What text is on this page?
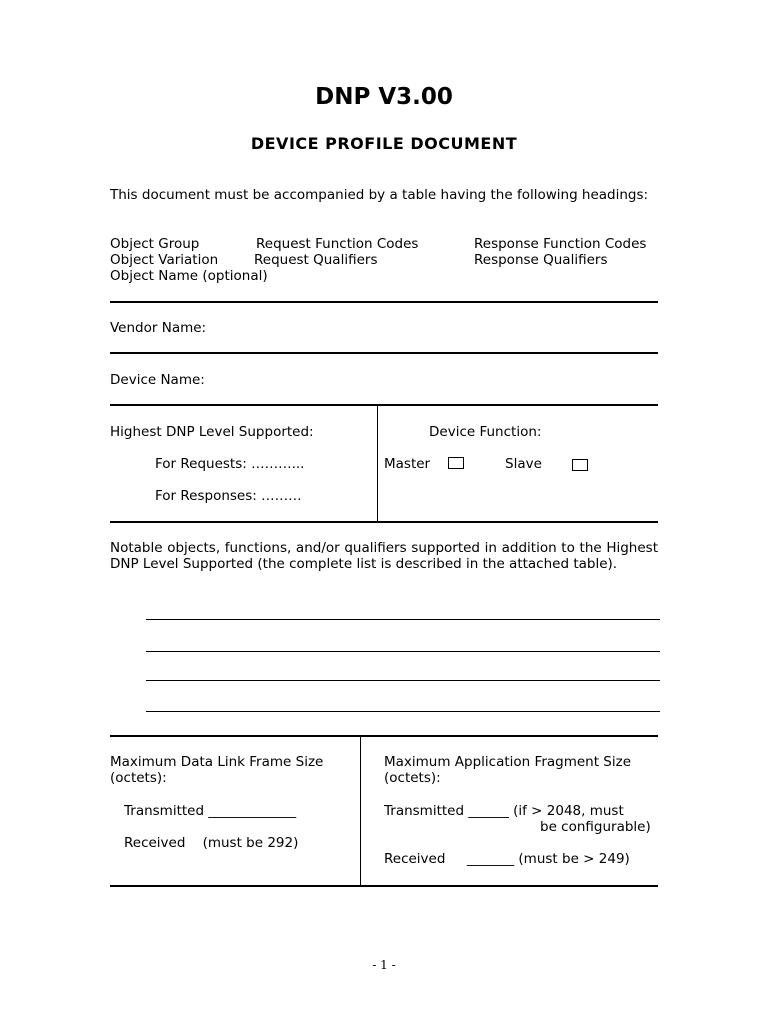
DNP V3.00
DEVICE PROFILE DOCUMENT
This document must be accompanied by a table having the following headings:
Object Group	Request Function Codes	Response Function Codes
Object Variation	Request Qualifiers	Response Qualifiers
Object Name (optional)
Vendor Name:
Device Name:
Highest DNP Level Supported:
For Requests: ………...
For Responses: ………
Device Function:
Master	Slave
Notable objects, functions, and/or qualifiers supported in addition to the Highest DNP Level Supported (the complete list is described in the attached table).
Maximum Data Link Frame Size
(octets):
Transmitted _____________
Received    (must be 292)
Maximum Application Fragment Size
(octets):
Transmitted ______ (if > 2048, must
be configurable)
Received     _______ (must be > 249)
- 1 -
